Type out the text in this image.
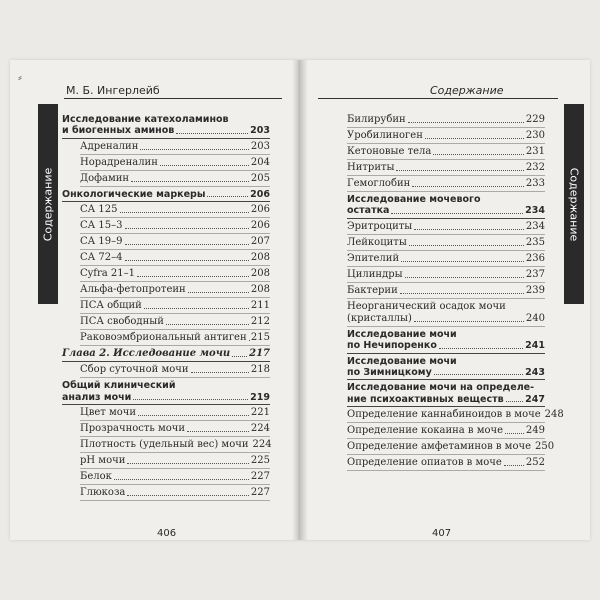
⸗
М. Б. Ингерлейб	Содержание
Содержание	Содержание
Исследование катехоламинов
и биогенных аминов	203
Адреналин	203
Норадреналин	204
Дофамин	205
Онкологические маркеры	206
СА 125	206
СА 15–3	206
СА 19–9	207
СА 72–4	208
Cyfra 21–1	208
Альфа-фетопротеин	208
ПСА общий	211
ПСА свободный	212
Раковоэмбриональный антиген 215
Глава 2. Исследование мочи 217
Сбор суточной мочи	218
Общий клинический
анализ мочи	219
Цвет мочи	221
Прозрачность мочи	224
Плотность (удельный вес) мочи 224
pH мочи	225
Белок	227
Глюкоза	227
Билирубин	229
Уробилиноген	230
Кетоновые тела	231
Нитриты	232
Гемоглобин	233
Исследование мочевого
остатка	234
Эритроциты	234
Лейкоциты	235
Эпителий	236
Цилиндры	237
Бактерии	239
Неорганический осадок мочи
(кристаллы)	240
Исследование мочи
по Нечипоренко	241
Исследование мочи
по Зимницкому	243
Исследование мочи на определе-
ние психоактивных веществ 247
Определение каннабиноидов в моче 248
Определение кокаина в моче 249
Определение амфетаминов в моче 250
Определение опиатов в моче 252
406	407
